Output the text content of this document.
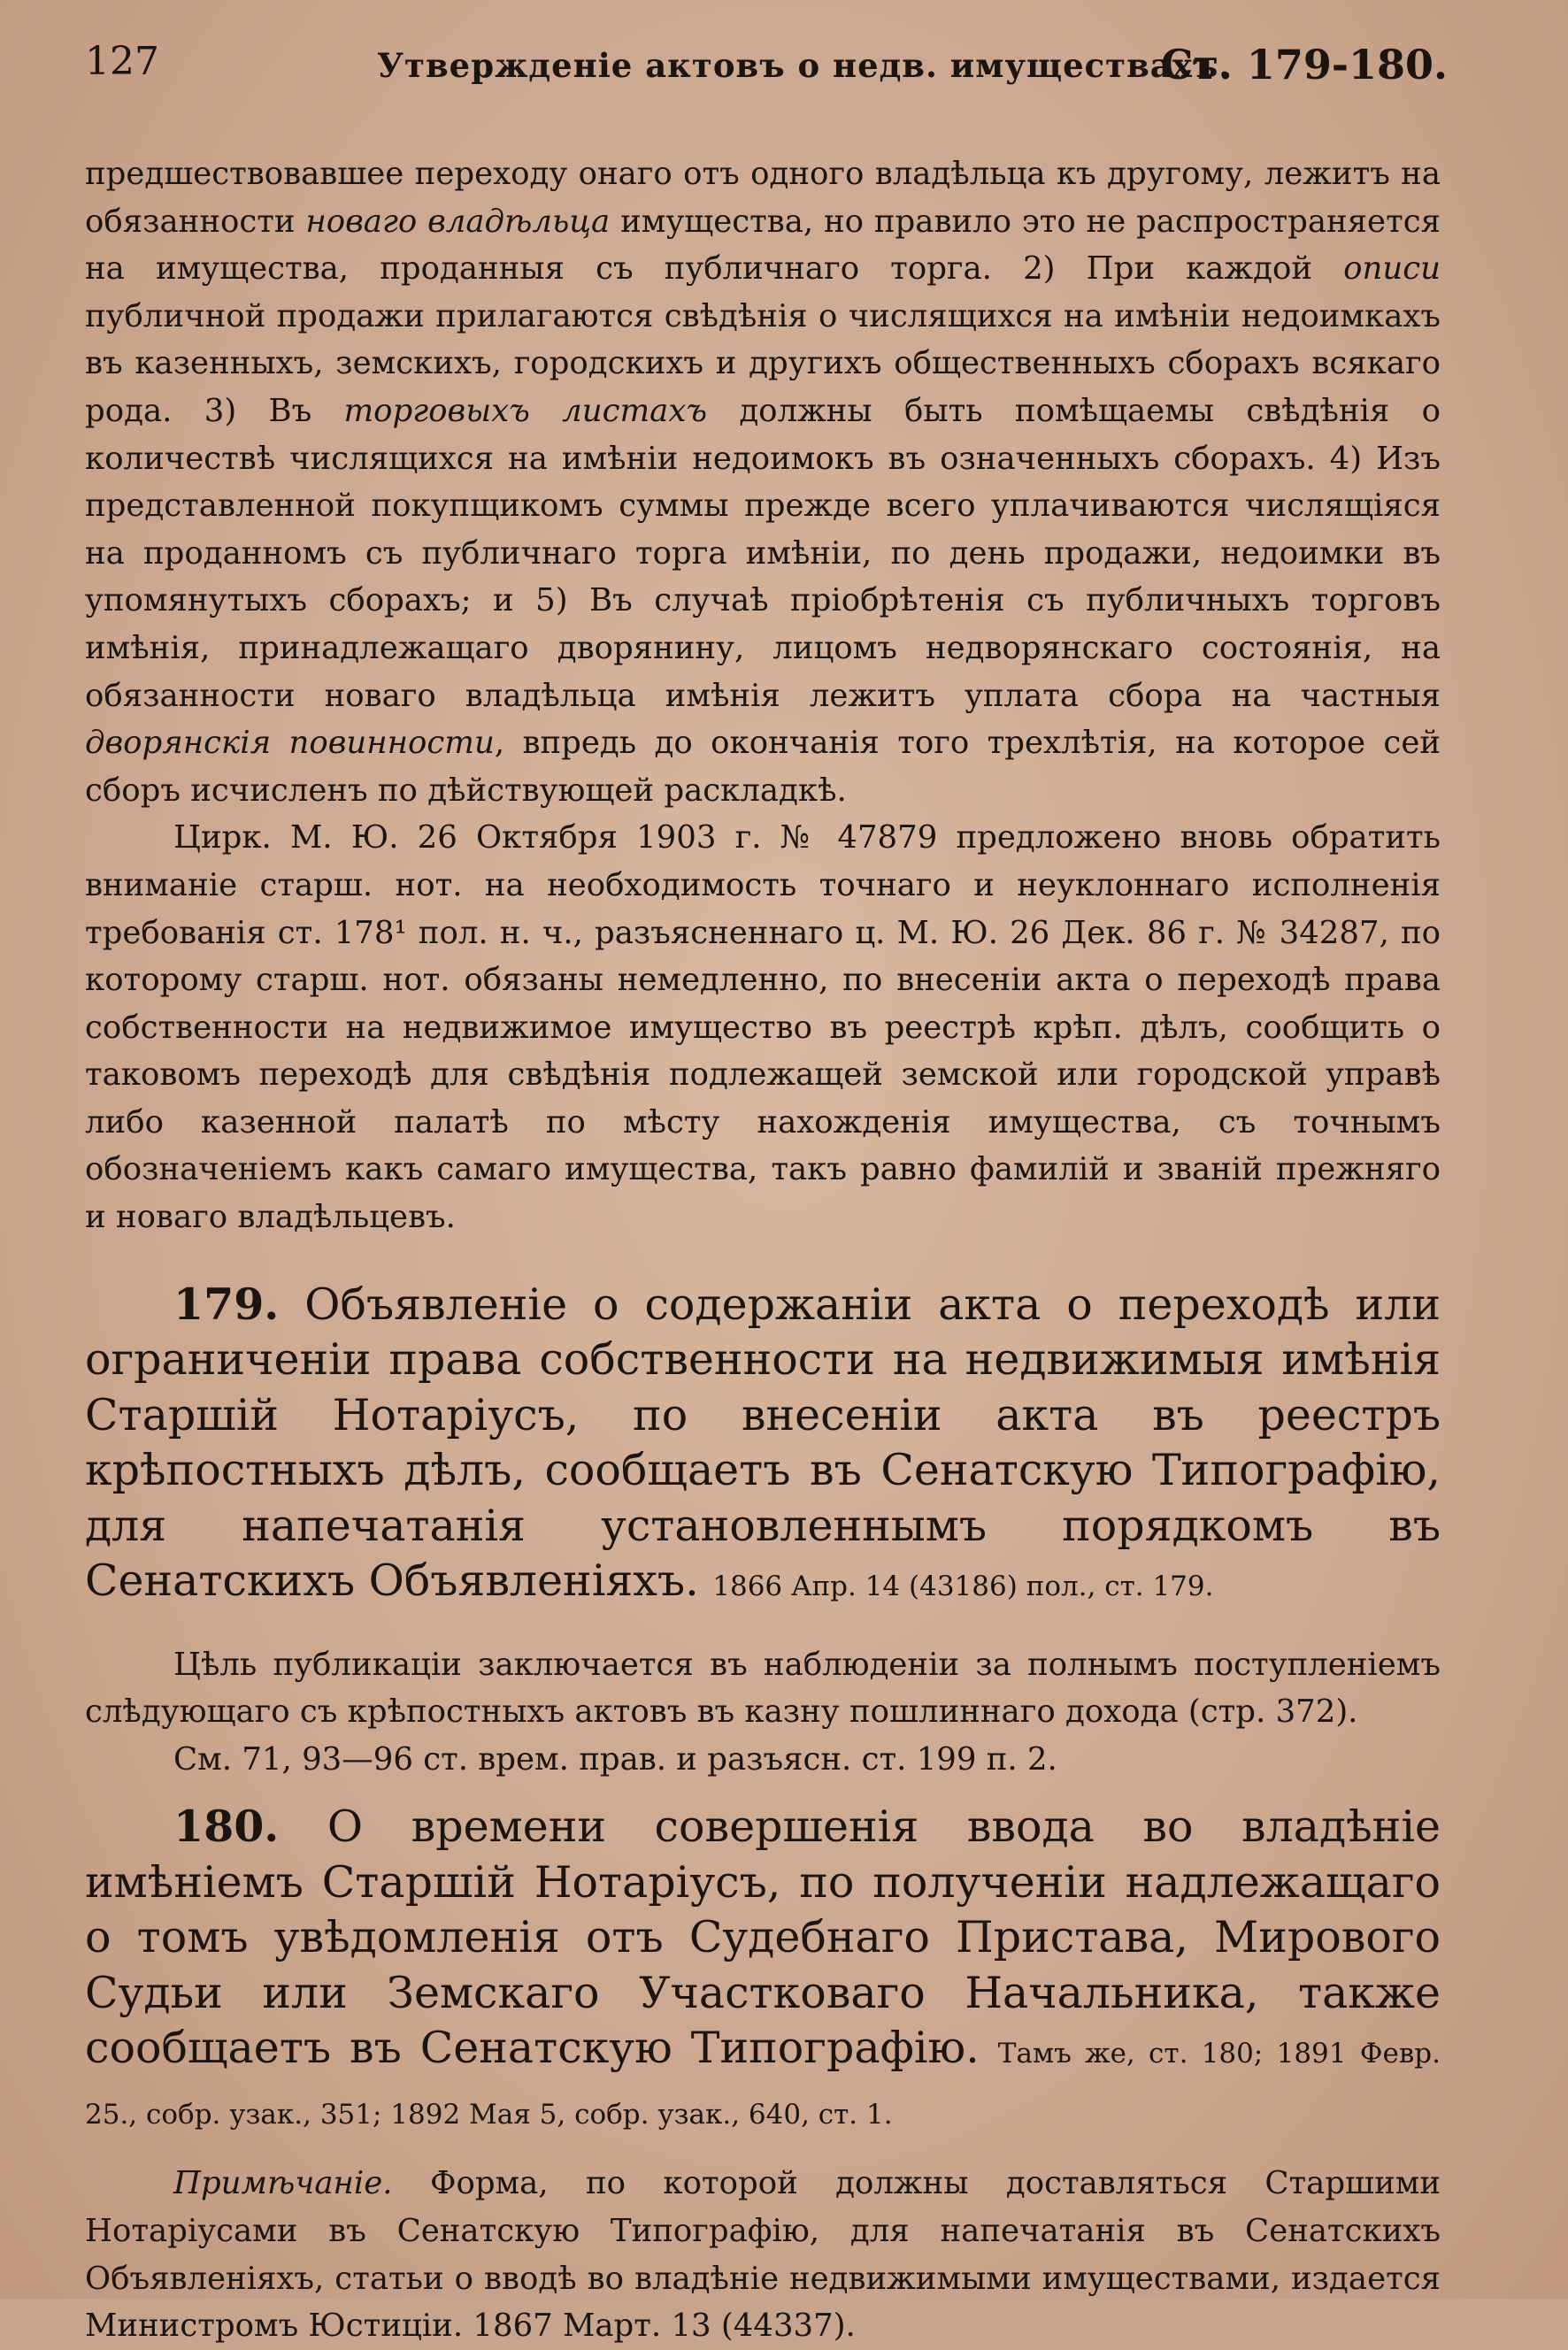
127	Утвержденіе актовъ о недв. имуществахъ.
Ст. 179-180.

предшествовавшее переходу онаго отъ одного владѣльца къ другому, лежитъ на обязанности новаго владѣльца имущества, но правило это не распространяется на имущества, проданныя съ публичнаго торга. 2) При каждой описи публичной продажи прилагаются свѣдѣнія о числящихся на имѣніи недоимкахъ въ казенныхъ, земскихъ, городскихъ и другихъ общественныхъ сборахъ всякаго рода. 3) Въ торговыхъ листахъ должны быть помѣщаемы свѣдѣнія о количествѣ числящихся на имѣніи недоимокъ въ означенныхъ сборахъ. 4) Изъ представленной покупщикомъ суммы прежде всего уплачиваются числящіяся на проданномъ съ публичнаго торга имѣніи, по день продажи, недоимки въ упомянутыхъ сборахъ; и 5) Въ случаѣ пріобрѣтенія съ публичныхъ торговъ имѣнія, принадлежащаго дворянину, лицомъ недворянскаго состоянія, на обязанности новаго владѣльца имѣнія лежитъ уплата сбора на частныя дворянскія повинности, впредь до окончанія того трехлѣтія, на которое сей сборъ исчисленъ по дѣйствующей раскладкѣ.

Цирк. М. Ю. 26 Октября 1903 г. № 47879 предложено вновь обратить вниманіе старш. нот. на необходимость точнаго и неуклоннаго исполненія требованія ст. 178¹ пол. н. ч., разъясненнаго ц. М. Ю. 26 Дек. 86 г. № 34287, по которому старш. нот. обязаны немедленно, по внесеніи акта о переходѣ права собственности на недвижимое имущество въ реестрѣ крѣп. дѣлъ, сообщить о таковомъ переходѣ для свѣдѣнія подлежащей земской или городской управѣ либо казенной палатѣ по мѣсту нахожденія имущества, съ точнымъ обозначеніемъ какъ самаго имущества, такъ равно фамилій и званій прежняго и новаго владѣльцевъ.

179. Объявленіе о содержаніи акта о переходѣ или ограниченіи права собственности на недвижимыя имѣнія Старшій Нотаріусъ, по внесеніи акта въ реестръ крѣпостныхъ дѣлъ, сообщаетъ въ Сенатскую Типографію, для напечатанія установленнымъ порядкомъ въ Сенатскихъ Объявленіяхъ. 1866 Апр. 14 (43186) пол., ст. 179.

Цѣль публикаціи заключается въ наблюденіи за полнымъ поступленіемъ слѣдующаго съ крѣпостныхъ актовъ въ казну пошлиннаго дохода (стр. 372).

См. 71, 93—96 ст. врем. прав. и разъясн. ст. 199 п. 2.

180. О времени совершенія ввода во владѣніе имѣніемъ Старшій Нотаріусъ, по полученіи надлежащаго о томъ увѣдомленія отъ Судебнаго Пристава, Мирового Судьи или Земскаго Участковаго Начальника, также сообщаетъ въ Сенатскую Типографію. Тамъ же, ст. 180; 1891 Февр. 25., собр. узак., 351; 1892 Мая 5, собр. узак., 640, ст. 1.

Примѣчаніе. Форма, по которой должны доставляться Старшими Нотаріусами въ Сенатскую Типографію, для напечатанія въ Сенатскихъ Объявленіяхъ, статьи о вводѣ во владѣніе недвижимыми имуществами, издается Министромъ Юстиціи. 1867 Март. 13 (44337).
